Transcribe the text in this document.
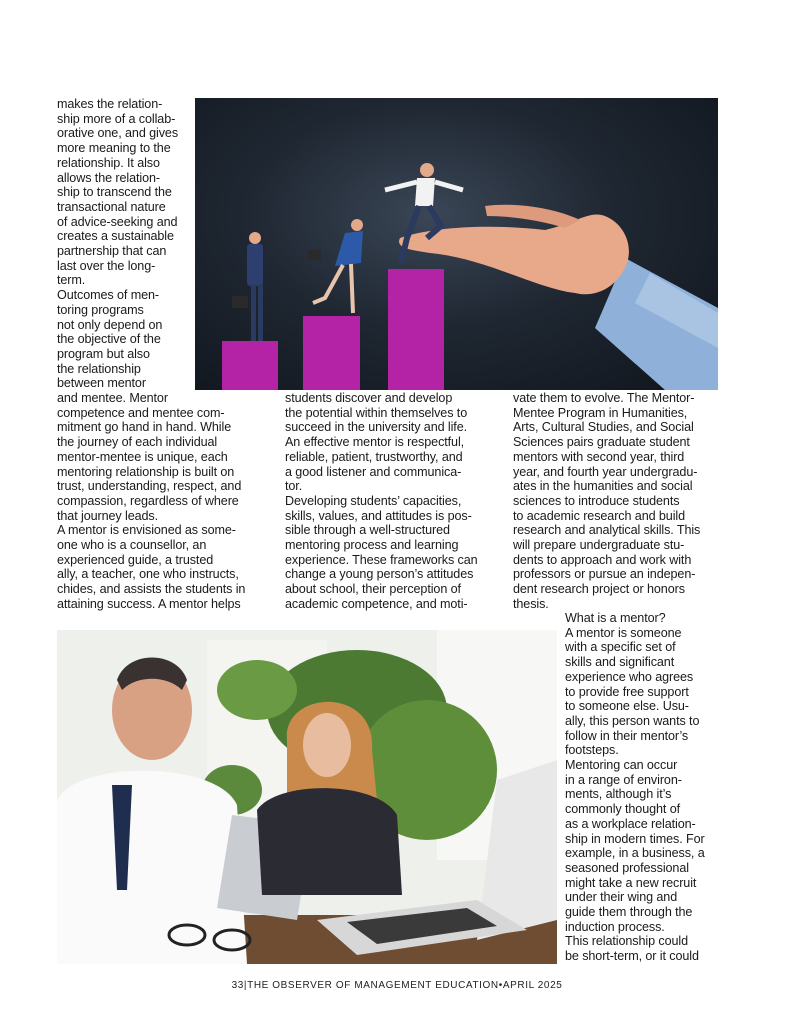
makes the relation-
ship more of a collab-
orative one, and gives
more meaning to the
relationship. It also
allows the relation-
ship to transcend the
transactional nature
of advice-seeking and
creates a sustainable
partnership that can
last over the long-
term.
Outcomes of men-
toring programs
not only depend on
the objective of the
program but also
the relationship
between mentor
and mentee. Mentor
competence and mentee com-
mitment go hand in hand. While
the journey of each individual
mentor-mentee is unique, each
mentoring relationship is built on
trust, understanding, respect, and
compassion, regardless of where
that journey leads.
A mentor is envisioned as some-
one who is a counsellor, an
experienced guide, a trusted
ally, a teacher, one who instructs,
chides, and assists the students in
attaining success. A mentor helps
students discover and develop
the potential within themselves to
succeed in the university and life.
An effective mentor is respectful,
reliable, patient, trustworthy, and
a good listener and communica-
tor.
Developing students’ capacities,
skills, values, and attitudes is pos-
sible through a well-structured
mentoring process and learning
experience. These frameworks can
change a young person’s attitudes
about school, their perception of
academic competence, and moti-
vate them to evolve. The Mentor-
Mentee Program in Humanities,
Arts, Cultural Studies, and Social
Sciences pairs graduate student
mentors with second year, third
year, and fourth year undergradu-
ates in the humanities and social
sciences to introduce students
to academic research and build
research and analytical skills. This
will prepare undergraduate stu-
dents to approach and work with
professors or pursue an indepen-
dent research project or honors
thesis.
What is a mentor?
A mentor is someone
with a specific set of
skills and significant
experience who agrees
to provide free support
to someone else. Usu-
ally, this person wants to
follow in their mentor’s
footsteps.
Mentoring can occur
in a range of environ-
ments, although it’s
commonly thought of
as a workplace relation-
ship in modern times. For
example, in a business, a
seasoned professional
might take a new recruit
under their wing and
guide them through the
induction process.
This relationship could
be short-term, or it could
33|THE OBSERVER OF MANAGEMENT EDUCATION•APRIL 2025
